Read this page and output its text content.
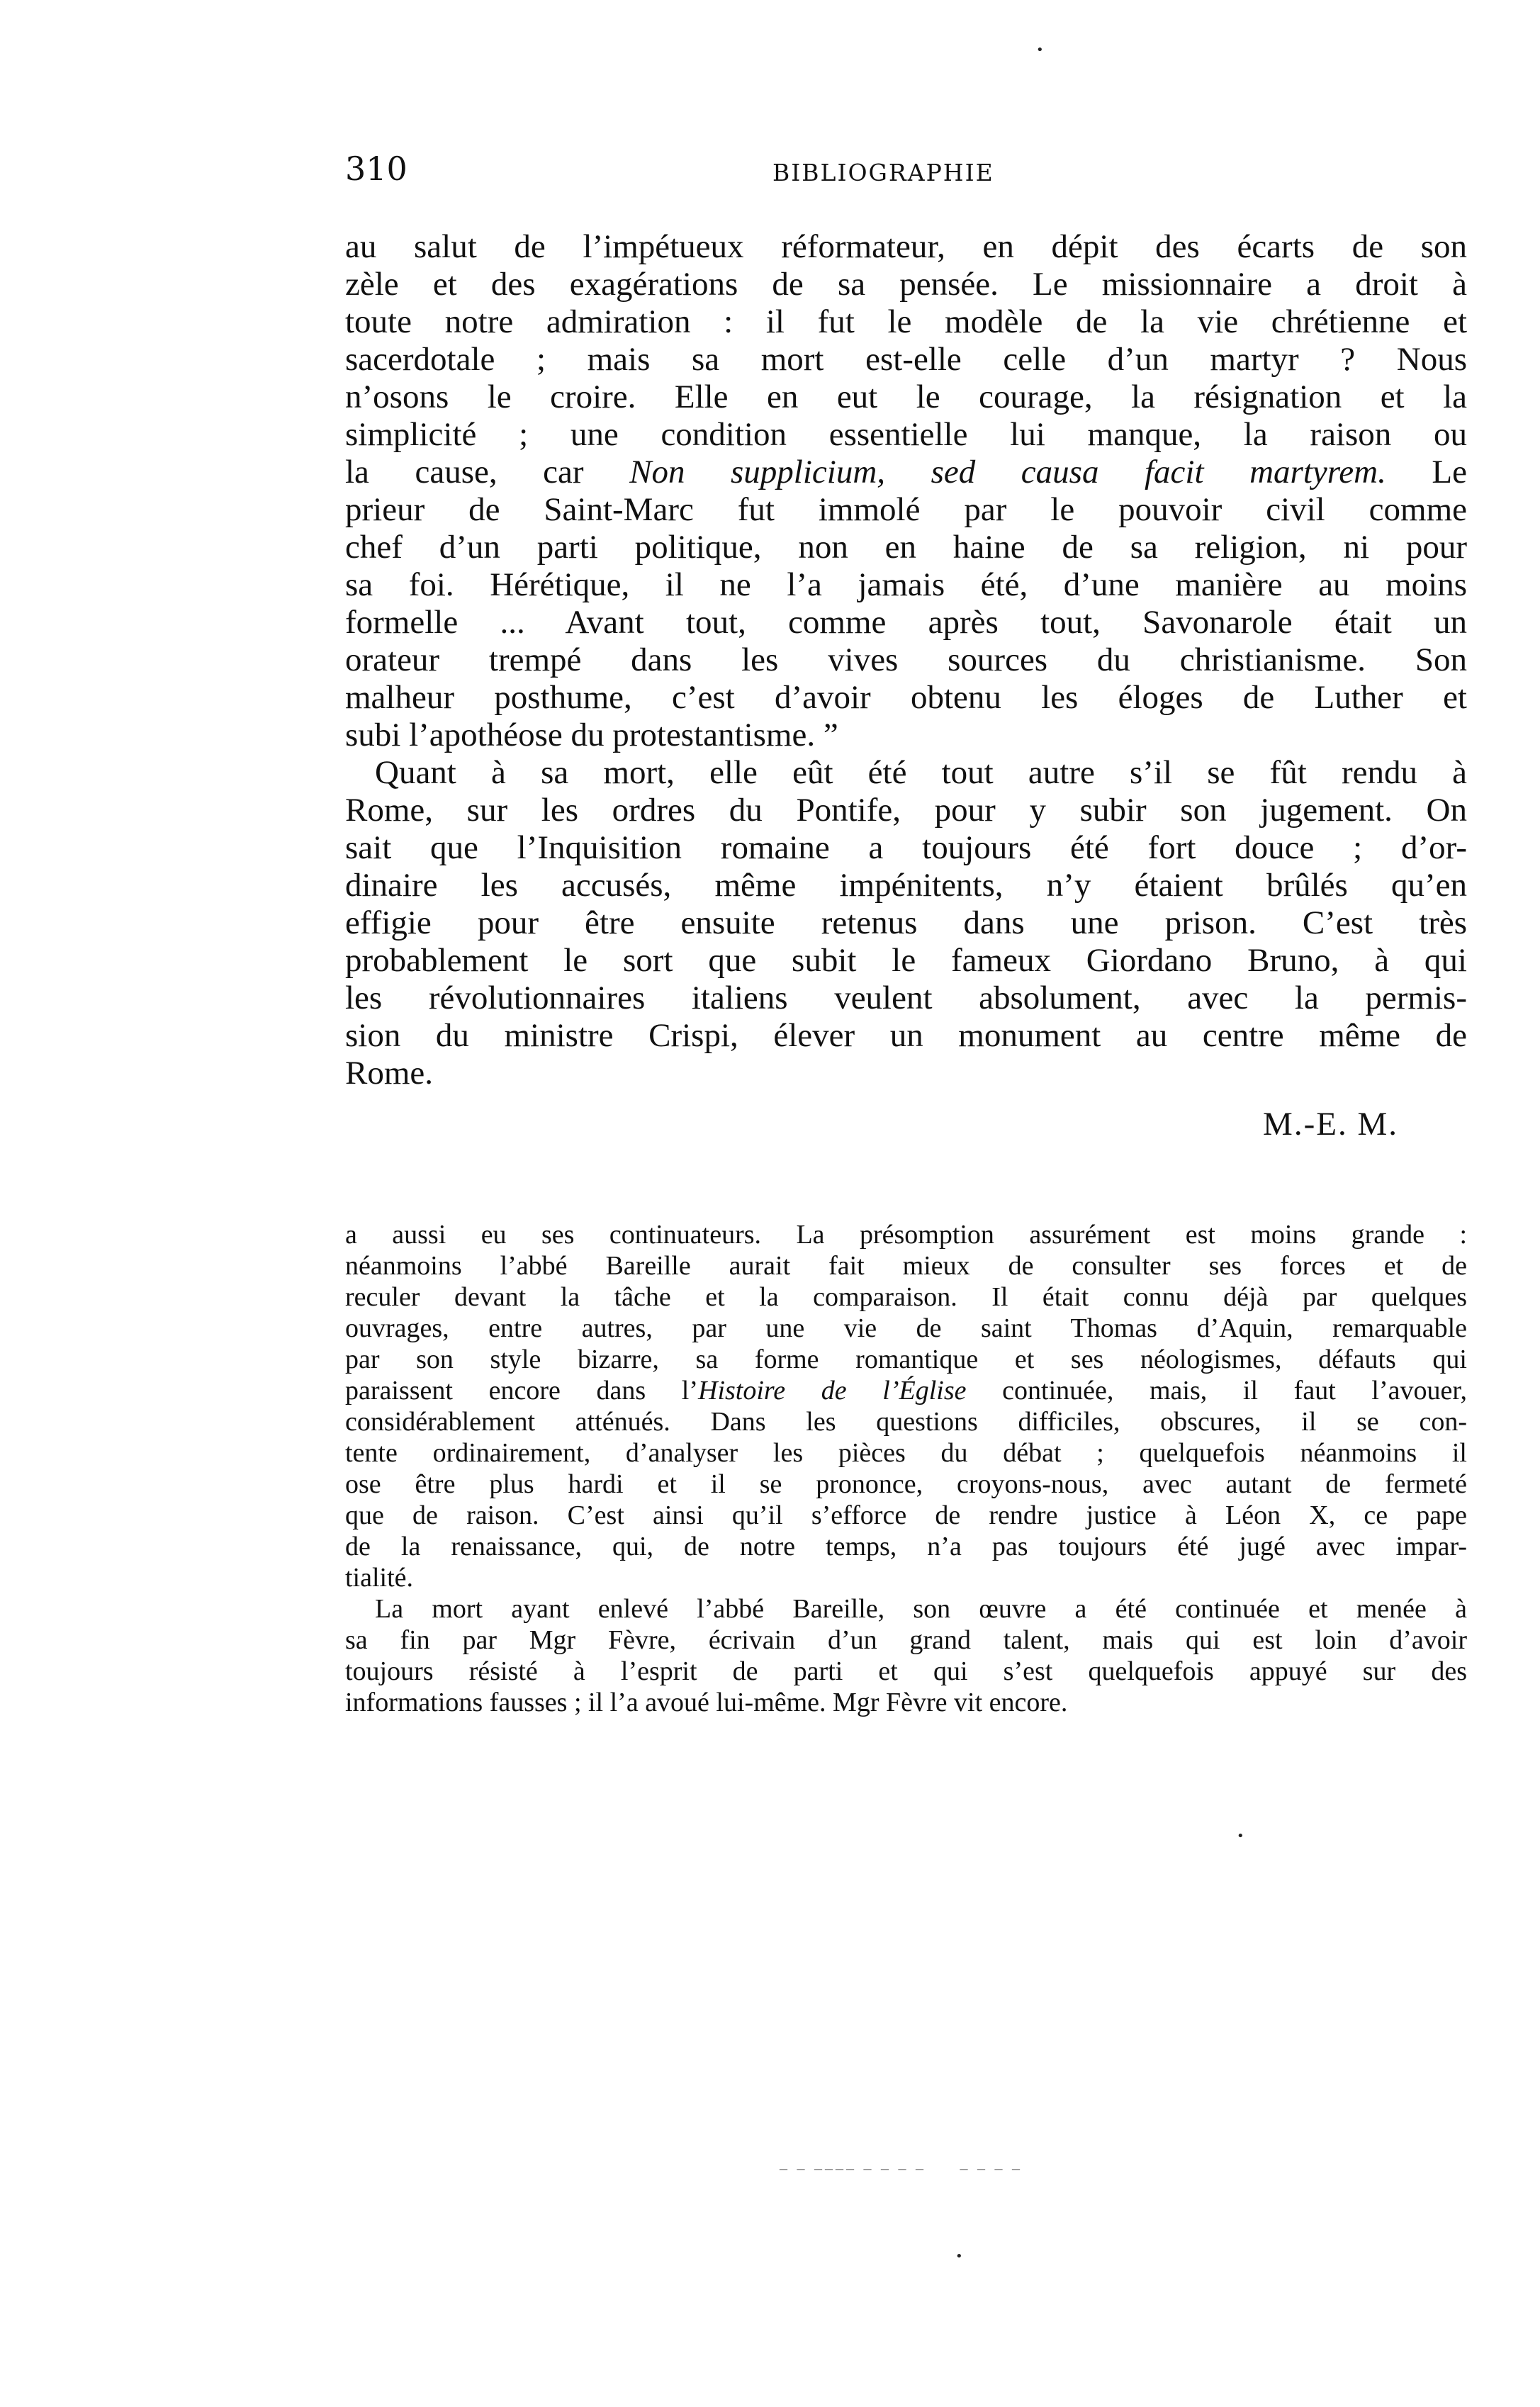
310	BIBLIOGRAPHIE
•
au salut de l’impétueux réformateur, en dépit des écarts de son
zèle et des exagérations de sa pensée. Le missionnaire a droit à
toute notre admiration : il fut le modèle de la vie chrétienne et
sacerdotale ; mais sa mort est-elle celle d’un martyr ? Nous
n’osons le croire. Elle en eut le courage, la résignation et la
simplicité ; une condition essentielle lui manque, la raison ou
la cause, car Non supplicium, sed causa facit martyrem. Le
prieur de Saint-Marc fut immolé par le pouvoir civil comme
chef d’un parti politique, non en haine de sa religion, ni pour
sa foi. Hérétique, il ne l’a jamais été, d’une manière au moins
formelle ... Avant tout, comme après tout, Savonarole était un
orateur trempé dans les vives sources du christianisme. Son
malheur posthume, c’est d’avoir obtenu les éloges de Luther et
subi l’apothéose du protestantisme. ”
Quant à sa mort, elle eût été tout autre s’il se fût rendu à
Rome, sur les ordres du Pontife, pour y subir son jugement. On
sait que l’Inquisition romaine a toujours été fort douce ; d’or-
dinaire les accusés, même impénitents, n’y étaient brûlés qu’en
effigie pour être ensuite retenus dans une prison. C’est très
probablement le sort que subit le fameux Giordano Bruno, à qui
les révolutionnaires italiens veulent absolument, avec la permis-
sion du ministre Crispi, élever un monument au centre même de
Rome.
M.-E. M.
a aussi eu ses continuateurs. La présomption assurément est moins grande :
néanmoins l’abbé Bareille aurait fait mieux de consulter ses forces et de
reculer devant la tâche et la comparaison. Il était connu déjà par quelques
ouvrages, entre autres, par une vie de saint Thomas d’Aquin, remarquable
par son style bizarre, sa forme romantique et ses néologismes, défauts qui
paraissent encore dans l’Histoire de l’Église continuée, mais, il faut l’avouer,
considérablement atténués. Dans les questions difficiles, obscures, il se con-
tente ordinairement, d’analyser les pièces du débat ; quelquefois néanmoins il
ose être plus hardi et il se prononce, croyons-nous, avec autant de fermeté
que de raison. C’est ainsi qu’il s’efforce de rendre justice à Léon X, ce pape
de la renaissance, qui, de notre temps, n’a pas toujours été jugé avec impar-
tialité.
La mort ayant enlevé l’abbé Bareille, son œuvre a été continuée et menée à
sa fin par Mgr Fèvre, écrivain d’un grand talent, mais qui est loin d’avoir
toujours résisté à l’esprit de parti et qui s’est quelquefois appuyé sur des
informations fausses ; il l’a avoué lui-même. Mgr Fèvre vit encore.
•
‒ ‒ ‒‒‒‒ ‒ ‒ ‒ ‒     ‒ ‒ ‒ ‒
•
